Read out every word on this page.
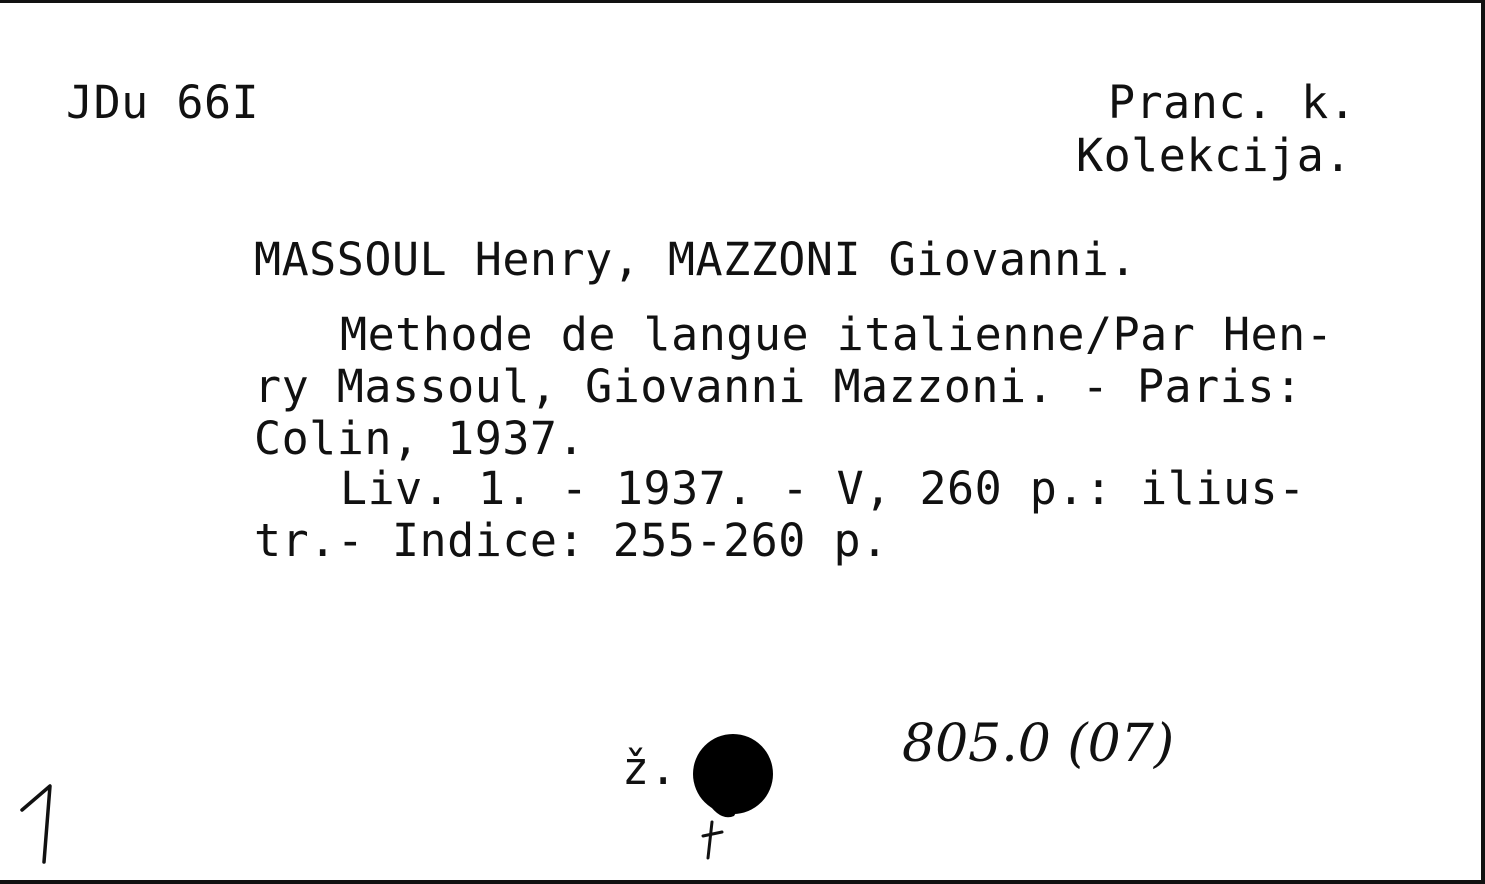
JDu 66I	Pranc. k.
Kolekcija.
MASSOUL Henry, MAZZONI Giovanni.
Methode de langue italienne/Par Hen-
ry Massoul, Giovanni Mazzoni. - Paris:
Colin, 1937.
Liv. 1. - 1937. - V, 260 p.: ilius-
tr.- Indice: 255-260 p.
ž.	805.0 (07)
1	7
